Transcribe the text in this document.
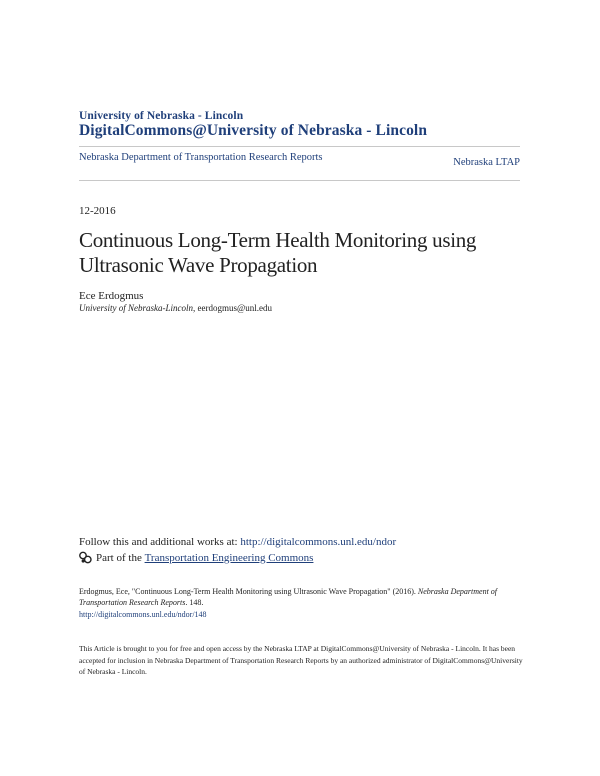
University of Nebraska - Lincoln
DigitalCommons@University of Nebraska - Lincoln
Nebraska Department of Transportation Research Reports	Nebraska LTAP
12-2016
Continuous Long-Term Health Monitoring using Ultrasonic Wave Propagation
Ece Erdogmus
University of Nebraska-Lincoln, eerdogmus@unl.edu
Follow this and additional works at: http://digitalcommons.unl.edu/ndor
Part of the
Transportation Engineering Commons
Erdogmus, Ece, "Continuous Long-Term Health Monitoring using Ultrasonic Wave Propagation" (2016). Nebraska Department of Transportation Research Reports. 148.
http://digitalcommons.unl.edu/ndor/148
This Article is brought to you for free and open access by the Nebraska LTAP at DigitalCommons@University of Nebraska - Lincoln. It has been accepted for inclusion in Nebraska Department of Transportation Research Reports by an authorized administrator of DigitalCommons@University of Nebraska - Lincoln.
